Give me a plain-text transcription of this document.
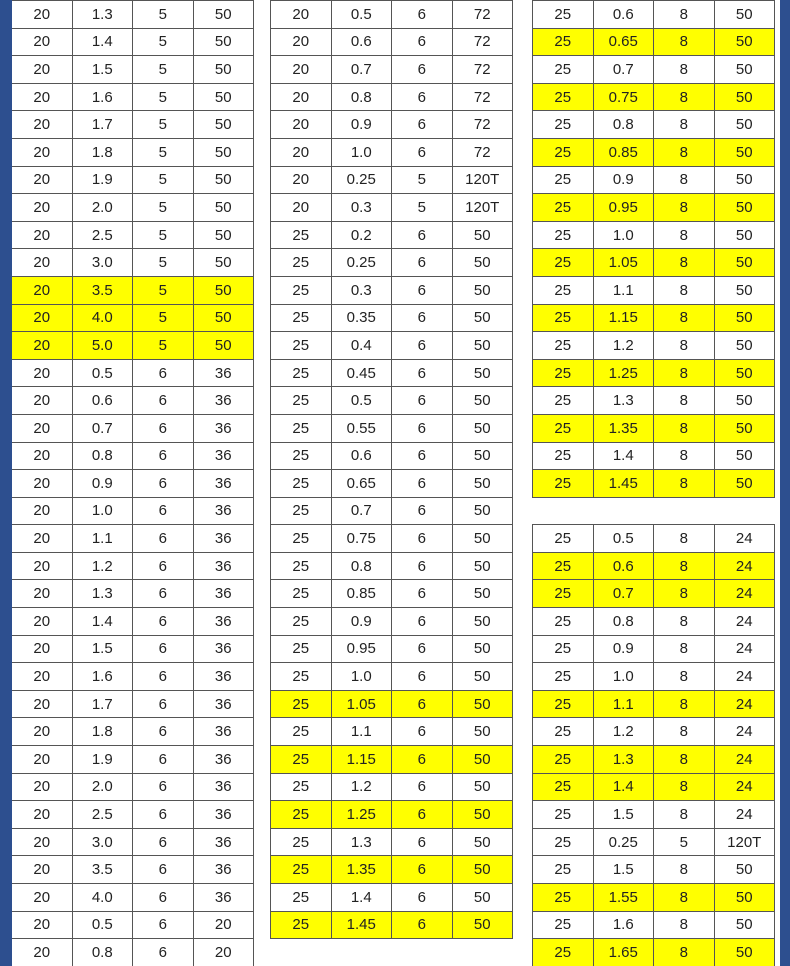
20	1.3	5	50
20	1.4	5	50
20	1.5	5	50
20	1.6	5	50
20	1.7	5	50
20	1.8	5	50
20	1.9	5	50
20	2.0	5	50
20	2.5	5	50
20	3.0	5	50
20	3.5	5	50
20	4.0	5	50
20	5.0	5	50
20	0.5	6	36
20	0.6	6	36
20	0.7	6	36
20	0.8	6	36
20	0.9	6	36
20	1.0	6	36
20	1.1	6	36
20	1.2	6	36
20	1.3	6	36
20	1.4	6	36
20	1.5	6	36
20	1.6	6	36
20	1.7	6	36
20	1.8	6	36
20	1.9	6	36
20	2.0	6	36
20	2.5	6	36
20	3.0	6	36
20	3.5	6	36
20	4.0	6	36
20	0.5	6	20
20	0.8	6	20
20	0.5	6	72
20	0.6	6	72
20	0.7	6	72
20	0.8	6	72
20	0.9	6	72
20	1.0	6	72
20	0.25	5	120T
20	0.3	5	120T
25	0.2	6	50
25	0.25	6	50
25	0.3	6	50
25	0.35	6	50
25	0.4	6	50
25	0.45	6	50
25	0.5	6	50
25	0.55	6	50
25	0.6	6	50
25	0.65	6	50
25	0.7	6	50
25	0.75	6	50
25	0.8	6	50
25	0.85	6	50
25	0.9	6	50
25	0.95	6	50
25	1.0	6	50
25	1.05	6	50
25	1.1	6	50
25	1.15	6	50
25	1.2	6	50
25	1.25	6	50
25	1.3	6	50
25	1.35	6	50
25	1.4	6	50
25	1.45	6	50

25	0.6	8	50
25	0.65	8	50
25	0.7	8	50
25	0.75	8	50
25	0.8	8	50
25	0.85	8	50
25	0.9	8	50
25	0.95	8	50
25	1.0	8	50
25	1.05	8	50
25	1.1	8	50
25	1.15	8	50
25	1.2	8	50
25	1.25	8	50
25	1.3	8	50
25	1.35	8	50
25	1.4	8	50
25	1.45	8	50

25	0.5	8	24
25	0.6	8	24
25	0.7	8	24
25	0.8	8	24
25	0.9	8	24
25	1.0	8	24
25	1.1	8	24
25	1.2	8	24
25	1.3	8	24
25	1.4	8	24
25	1.5	8	24
25	0.25	5	120T
25	1.5	8	50
25	1.55	8	50
25	1.6	8	50
25	1.65	8	50
